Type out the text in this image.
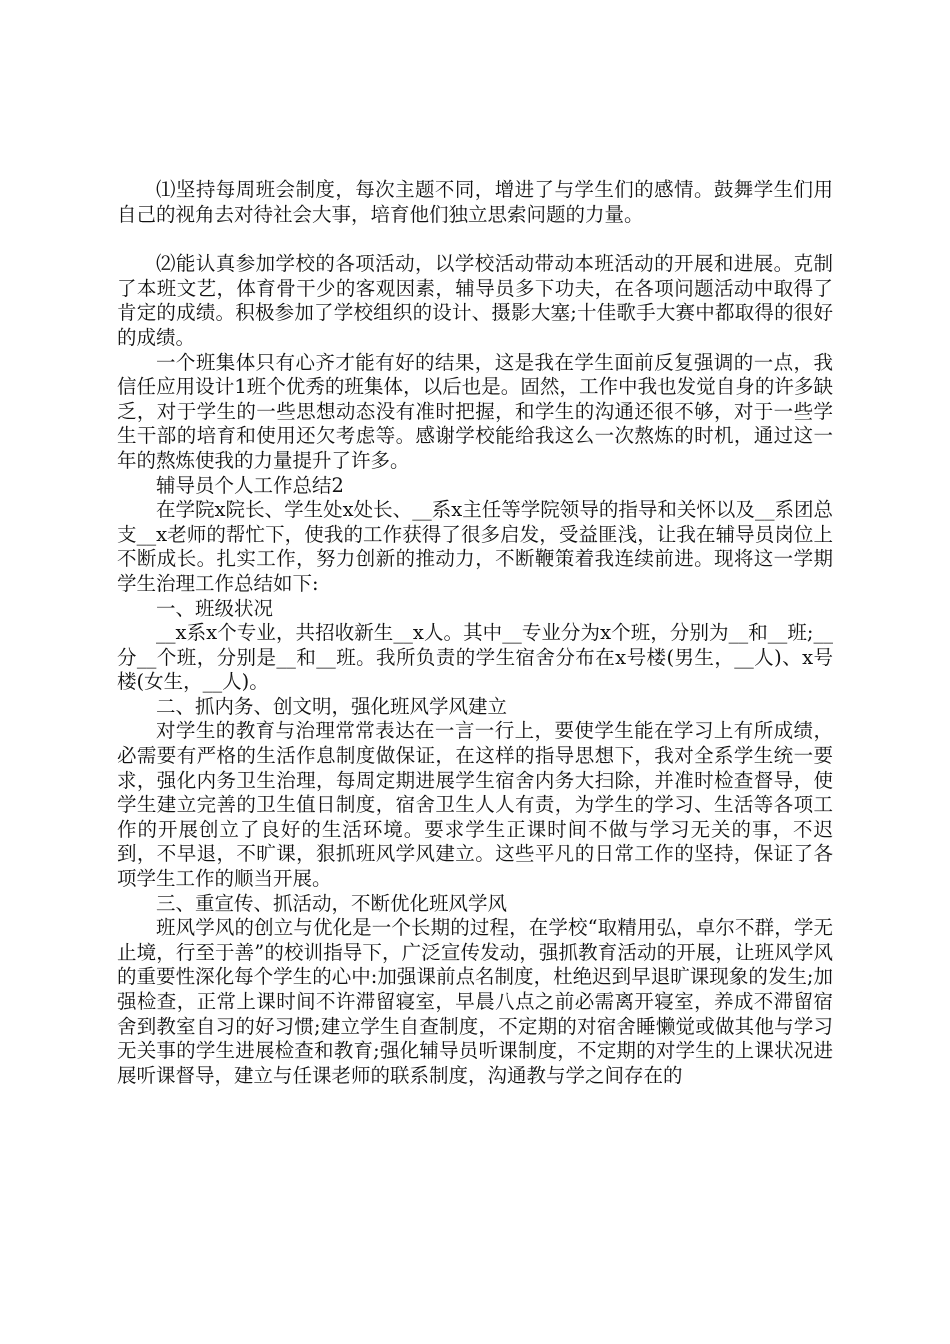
⑴坚持每周班会制度，每次主题不同，增进了与学生们的感情。鼓舞学生们用自己的视角去对待社会大事，培育他们独立思索问题的力量。

⑵能认真参加学校的各项活动，以学校活动带动本班活动的开展和进展。克制了本班文艺，体育骨干少的客观因素，辅导员多下功夫，在各项问题活动中取得了肯定的成绩。积极参加了学校组织的设计、摄影大塞;十佳歌手大赛中都取得的很好的成绩。

一个班集体只有心齐才能有好的结果，这是我在学生面前反复强调的一点，我信任应用设计1班个优秀的班集体，以后也是。固然，工作中我也发觉自身的许多缺乏，对于学生的一些思想动态没有准时把握，和学生的沟通还很不够，对于一些学生干部的培育和使用还欠考虑等。感谢学校能给我这么一次熬炼的时机，通过这一年的熬炼使我的力量提升了许多。

辅导员个人工作总结2

在学院x院长、学生处x处长、__系x主任等学院领导的指导和关怀以及__系团总支__x老师的帮忙下，使我的工作获得了很多启发，受益匪浅，让我在辅导员岗位上不断成长。扎实工作，努力创新的推动力，不断鞭策着我连续前进。现将这一学期学生治理工作总结如下:

一、班级状况

__x系x个专业，共招收新生__x人。其中__专业分为x个班，分别为__和__班;__分__个班，分别是__和__班。我所负责的学生宿舍分布在x号楼(男生，__人)、x号楼(女生，__人)。

二、抓内务、创文明，强化班风学风建立

对学生的教育与治理常常表达在一言一行上，要使学生能在学习上有所成绩，必需要有严格的生活作息制度做保证，在这样的指导思想下，我对全系学生统一要求，强化内务卫生治理，每周定期进展学生宿舍内务大扫除，并准时检查督导，使学生建立完善的卫生值日制度，宿舍卫生人人有责，为学生的学习、生活等各项工作的开展创立了良好的生活环境。要求学生正课时间不做与学习无关的事，不迟到，不早退，不旷课，狠抓班风学风建立。这些平凡的日常工作的坚持，保证了各项学生工作的顺当开展。

三、重宣传、抓活动，不断优化班风学风

班风学风的创立与优化是一个长期的过程，在学校“取精用弘，卓尔不群，学无止境，行至于善”的校训指导下，广泛宣传发动，强抓教育活动的开展，让班风学风的重要性深化每个学生的心中:加强课前点名制度，杜绝迟到早退旷课现象的发生;加强检查，正常上课时间不许滞留寝室，早晨八点之前必需离开寝室，养成不滞留宿舍到教室自习的好习惯;建立学生自查制度，不定期的对宿舍睡懒觉或做其他与学习无关事的学生进展检查和教育;强化辅导员听课制度，不定期的对学生的上课状况进展听课督导，建立与任课老师的联系制度，沟通教与学之间存在的
